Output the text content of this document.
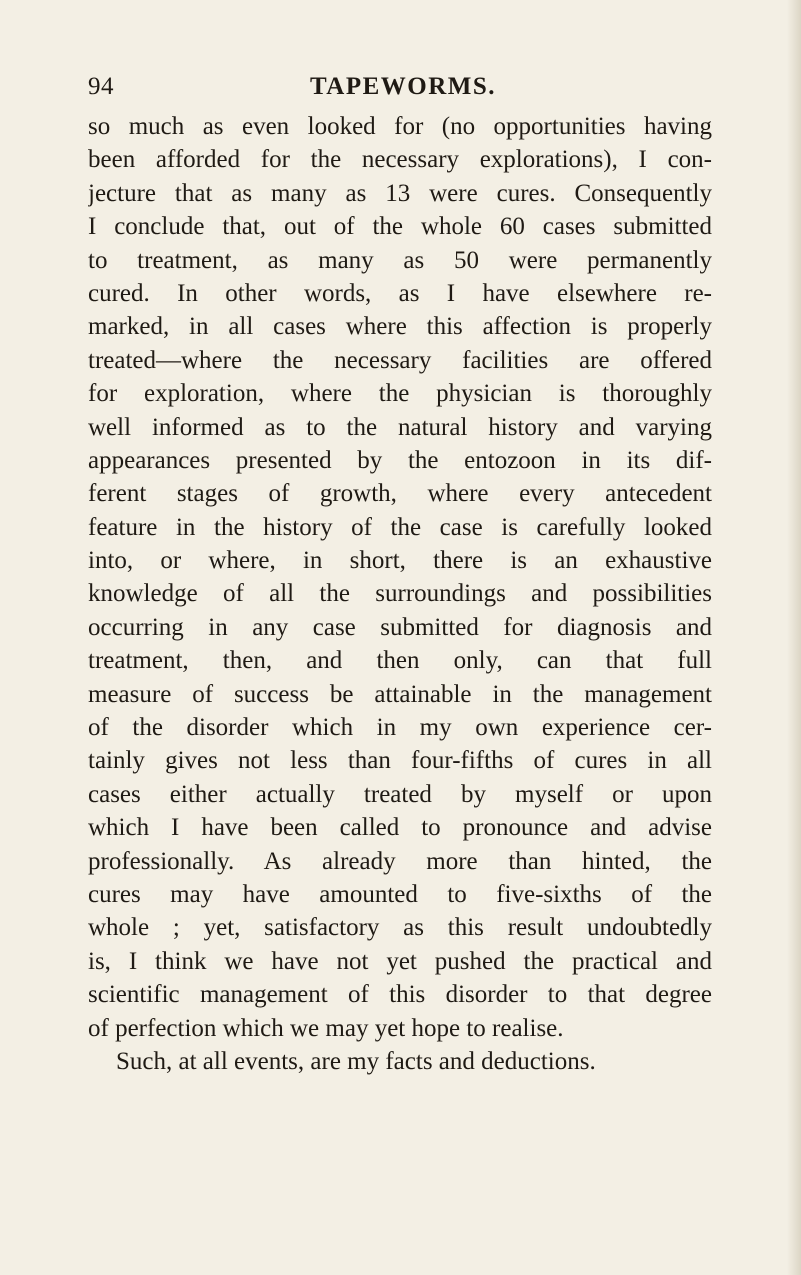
94	TAPEWORMS.
so much as even looked for (no opportunities having
been afforded for the necessary explorations), I con-
jecture that as many as 13 were cures. Consequently
I conclude that, out of the whole 60 cases submitted
to treatment, as many as 50 were permanently
cured. In other words, as I have elsewhere re-
marked, in all cases where this affection is properly
treated—where the necessary facilities are offered
for exploration, where the physician is thoroughly
well informed as to the natural history and varying
appearances presented by the entozoon in its dif-
ferent stages of growth, where every antecedent
feature in the history of the case is carefully looked
into, or where, in short, there is an exhaustive
knowledge of all the surroundings and possibilities
occurring in any case submitted for diagnosis and
treatment, then, and then only, can that full
measure of success be attainable in the management
of the disorder which in my own experience cer-
tainly gives not less than four-fifths of cures in all
cases either actually treated by myself or upon
which I have been called to pronounce and advise
professionally. As already more than hinted, the
cures may have amounted to five-sixths of the
whole ; yet, satisfactory as this result undoubtedly
is, I think we have not yet pushed the practical and
scientific management of this disorder to that degree
of perfection which we may yet hope to realise.
Such, at all events, are my facts and deductions.
